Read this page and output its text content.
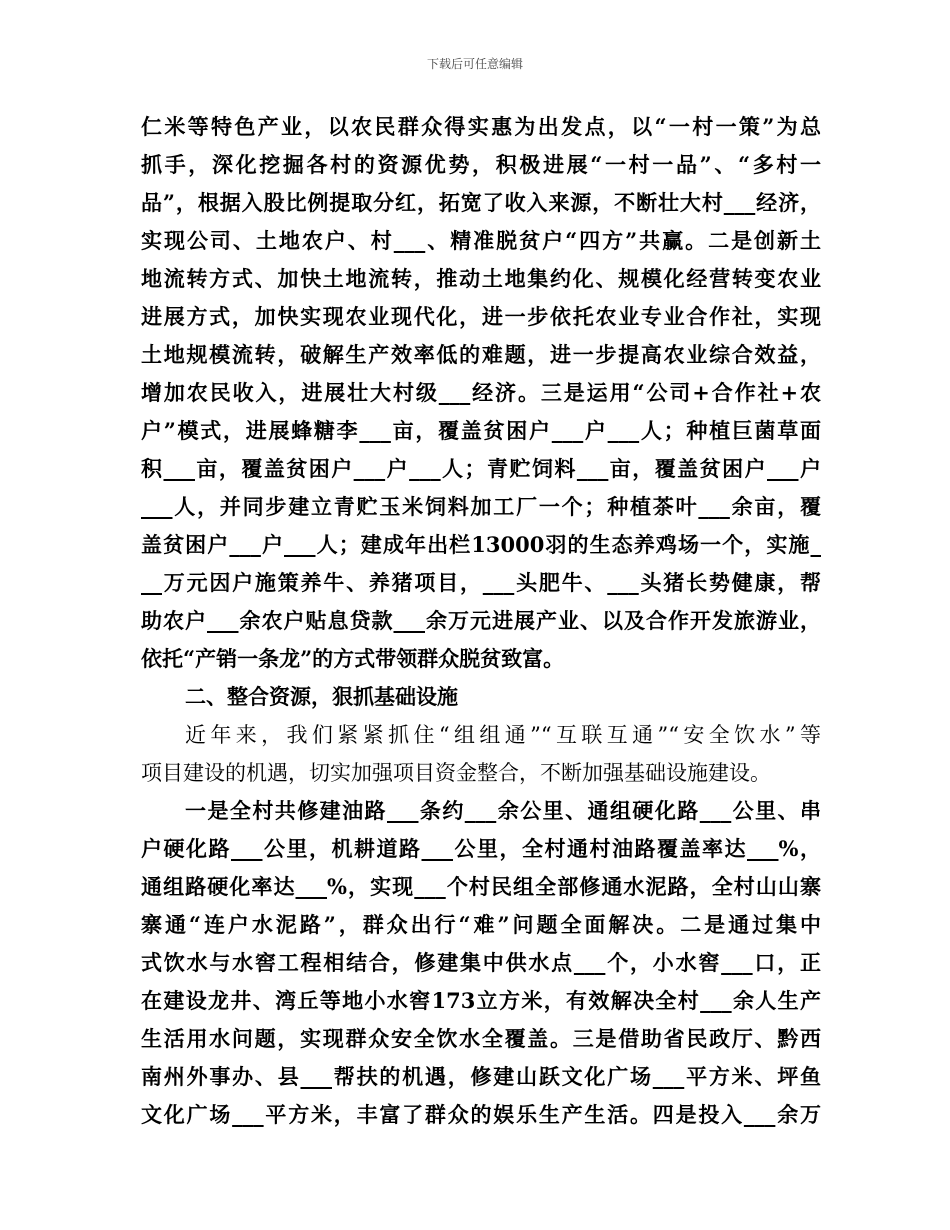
下载后可任意编辑
仁米等特色产业，以农民群众得实惠为出发点，以“一村一策”为总
抓手，深化挖掘各村的资源优势，积极进展“一村一品”、“多村一
品”，根据入股比例提取分红，拓宽了收入来源，不断壮大村___经济，
实现公司、土地农户、村___、精准脱贫户“四方”共赢。二是创新土
地流转方式、加快土地流转，推动土地集约化、规模化经营转变农业
进展方式，加快实现农业现代化，进一步依托农业专业合作社，实现
土地规模流转，破解生产效率低的难题，进一步提高农业综合效益，
增加农民收入，进展壮大村级___经济。三是运用“公司+合作社+农
户”模式，进展蜂糖李___亩，覆盖贫困户___户___人；种植巨菌草面
积___亩，覆盖贫困户___户___人；青贮饲料___亩，覆盖贫困户___户
___人，并同步建立青贮玉米饲料加工厂一个；种植茶叶___余亩，覆
盖贫困户___户___人；建成年出栏13000羽的生态养鸡场一个，实施_
__万元因户施策养牛、养猪项目，___头肥牛、___头猪长势健康，帮
助农户___余农户贴息贷款___余万元进展产业、以及合作开发旅游业，
依托“产销一条龙”的方式带领群众脱贫致富。
二、整合资源，狠抓基础设施
近年来，我们紧紧抓住“组组通”“互联互通”“安全饮水”等
项目建设的机遇，切实加强项目资金整合，不断加强基础设施建设。
一是全村共修建油路___条约___余公里、通组硬化路___公里、串
户硬化路___公里，机耕道路___公里，全村通村油路覆盖率达___%，
通组路硬化率达___%，实现___个村民组全部修通水泥路，全村山山寨
寨通“连户水泥路”，群众出行“难”问题全面解决。二是通过集中
式饮水与水窖工程相结合，修建集中供水点___个，小水窖___口，正
在建设龙井、湾丘等地小水窖173立方米，有效解决全村___余人生产
生活用水问题，实现群众安全饮水全覆盖。三是借助省民政厅、黔西
南州外事办、县___帮扶的机遇，修建山跃文化广场___平方米、坪鱼
文化广场___平方米，丰富了群众的娱乐生产生活。四是投入___余万
